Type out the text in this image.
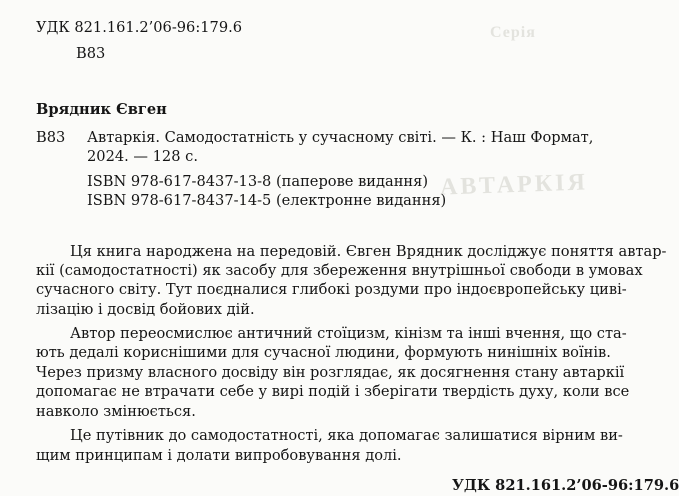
Серія
АВТАРКІЯ
УДК 821.161.2’06-96:179.6
В83
Врядник Євген
В83 Автаркія. Самодостатність у сучасному світі. — К. : Наш Формат,
2024. — 128 с.
ISBN 978-617-8437-13-8 (паперове видання)
ISBN 978-617-8437-14-5 (електронне видання)
Ця книга народжена на передовій. Євген Врядник досліджує поняття автар-
кії (самодостатності) як засобу для збереження внутрішньої свободи в умовах
сучасного світу. Тут поєдналися глибокі роздуми про індоєвропейську циві-
лізацію і досвід бойових дій.
Автор переосмислює античний стоїцизм, кінізм та інші вчення, що ста-
ють дедалі кориснішими для сучасної людини, формують нинішніх воїнів.
Через призму власного досвіду він розглядає, як досягнення стану автаркії
допомагає не втрачати себе у вирі подій і зберігати твердість духу, коли все
навколо змінюється.
Це путівник до самодостатності, яка допомагає залишатися вірним ви-
щим принципам і долати випробовування долі.
УДК 821.161.2’06-96:179.6
